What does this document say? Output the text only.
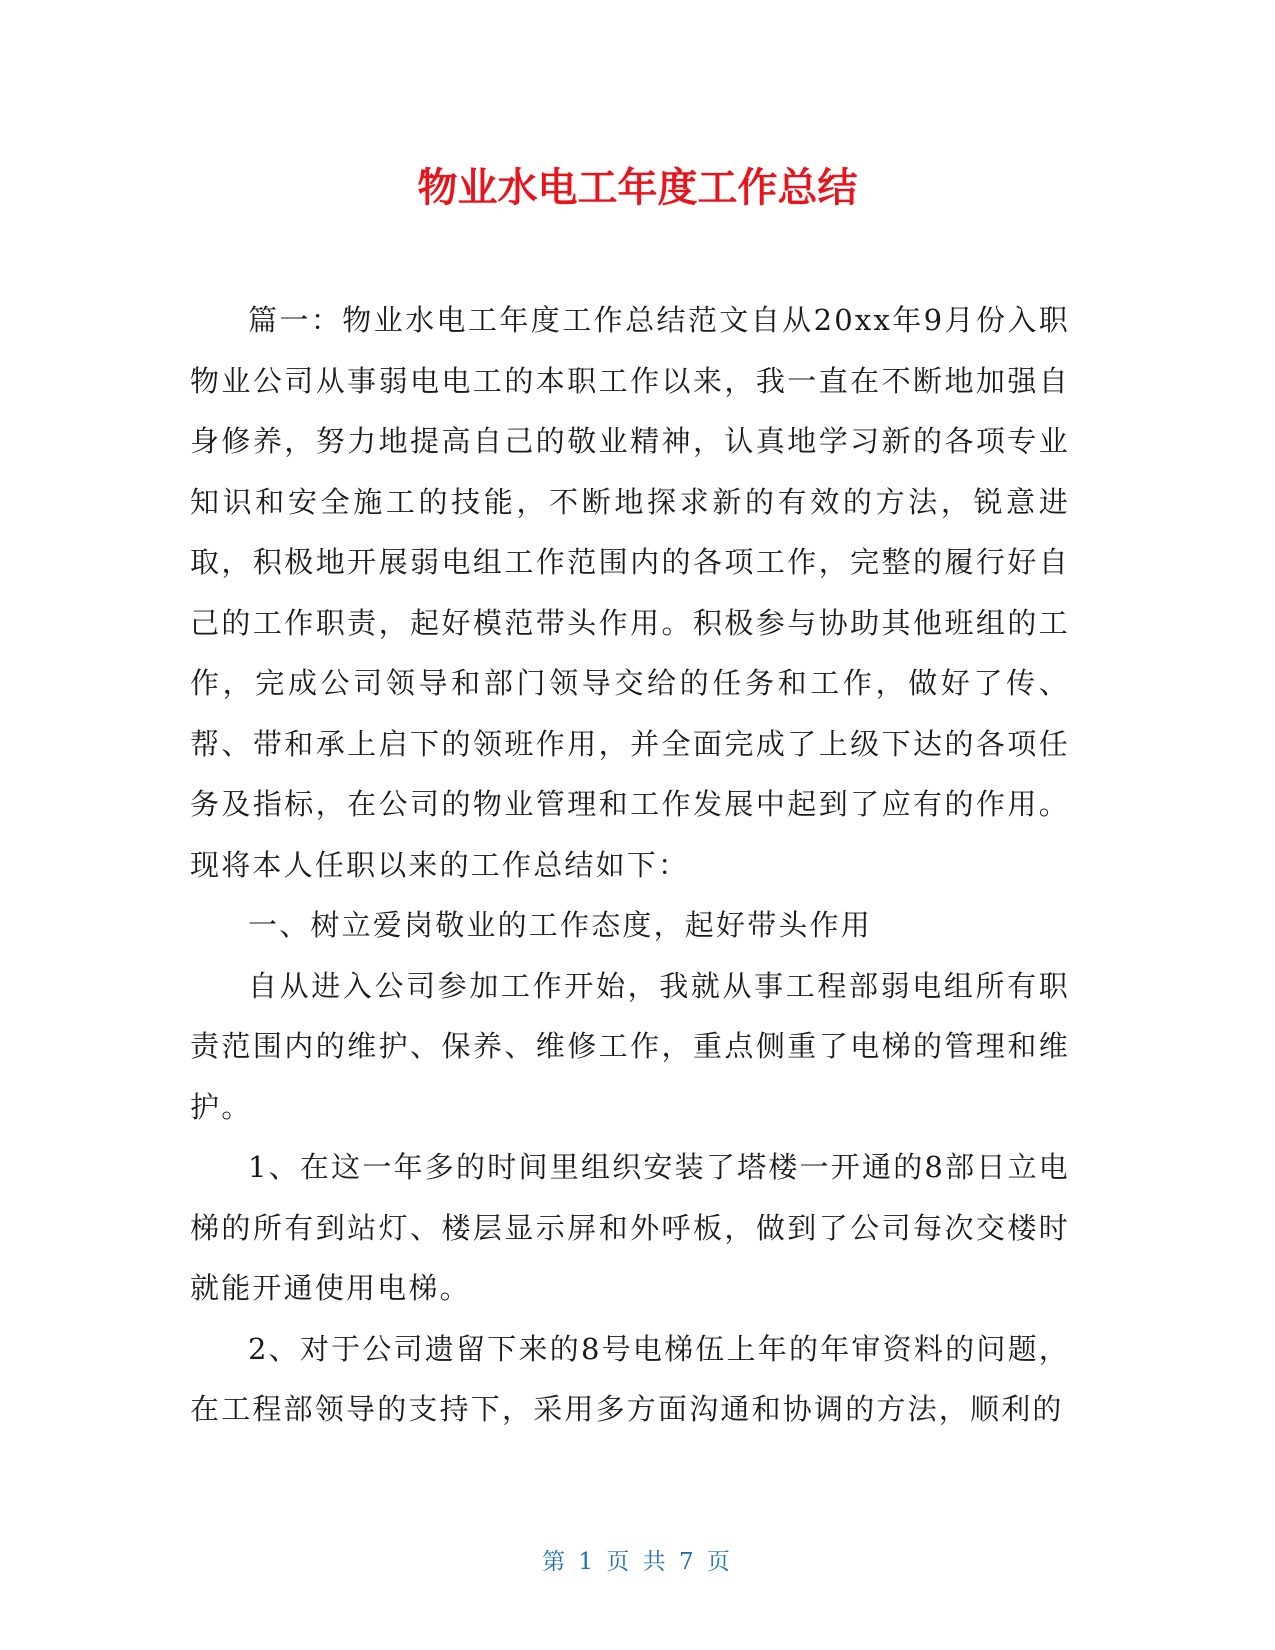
物业水电工年度工作总结

篇一：物业水电工年度工作总结范文自从20xx年9月份入职物业公司从事弱电电工的本职工作以来，我一直在不断地加强自身修养，努力地提高自己的敬业精神，认真地学习新的各项专业知识和安全施工的技能，不断地探求新的有效的方法，锐意进取，积极地开展弱电组工作范围内的各项工作，完整的履行好自己的工作职责，起好模范带头作用。积极参与协助其他班组的工作，完成公司领导和部门领导交给的任务和工作，做好了传、帮、带和承上启下的领班作用，并全面完成了上级下达的各项任务及指标，在公司的物业管理和工作发展中起到了应有的作用。现将本人任职以来的工作总结如下：

一、树立爱岗敬业的工作态度，起好带头作用

自从进入公司参加工作开始，我就从事工程部弱电组所有职责范围内的维护、保养、维修工作，重点侧重了电梯的管理和维护。

1、在这一年多的时间里组织安装了塔楼一开通的8部日立电梯的所有到站灯、楼层显示屏和外呼板，做到了公司每次交楼时就能开通使用电梯。

2、对于公司遗留下来的8号电梯伍上年的年审资料的问题，在工程部领导的支持下，采用多方面沟通和协调的方法，顺利的

第 1 页 共 7 页
